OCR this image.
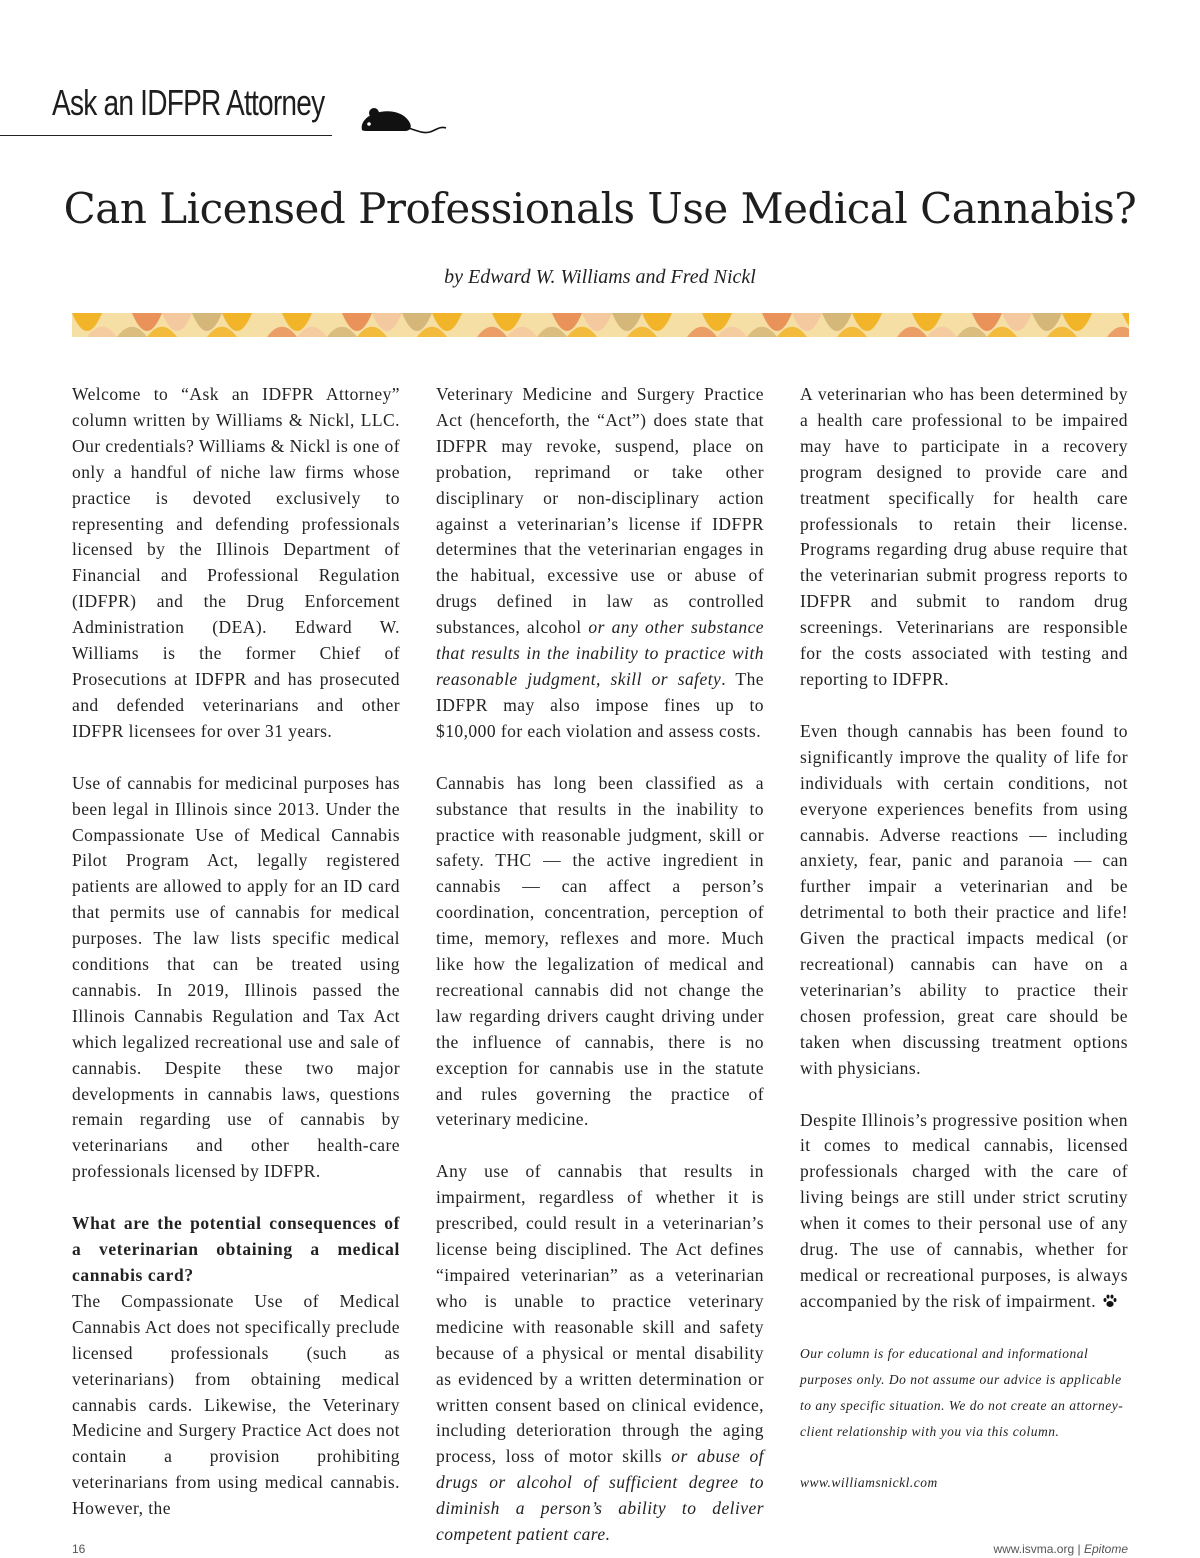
Ask an IDFPR Attorney
Can Licensed Professionals Use Medical Cannabis?

by Edward W. Williams and Fred Nickl

Welcome to “Ask an IDFPR Attorney” column written by Williams & Nickl, LLC. Our credentials? Williams & Nickl is one of only a handful of niche law firms whose practice is devoted exclusively to representing and defending professionals licensed by the Illinois Department of Financial and Professional Regulation (IDFPR) and the Drug Enforcement Administration (DEA). Edward W. Williams is the former Chief of Prosecutions at IDFPR and has prosecuted and defended veterinarians and other IDFPR licensees for over 31 years.

Use of cannabis for medicinal purposes has been legal in Illinois since 2013. Under the Compassionate Use of Medical Cannabis Pilot Program Act, legally registered patients are allowed to apply for an ID card that permits use of cannabis for medical purposes. The law lists specific medical conditions that can be treated using cannabis. In 2019, Illinois passed the Illinois Cannabis Regulation and Tax Act which legalized recreational use and sale of cannabis. Despite these two major developments in cannabis laws, questions remain regarding use of cannabis by veterinarians and other health-care professionals licensed by IDFPR.

What are the potential consequences of a veterinarian obtaining a medical cannabis card?

The Compassionate Use of Medical Cannabis Act does not specifically preclude licensed professionals (such as veterinarians) from obtaining medical cannabis cards. Likewise, the Veterinary Medicine and Surgery Practice Act does not contain a provision prohibiting veterinarians from using medical cannabis. However, the

Veterinary Medicine and Surgery Practice Act (henceforth, the “Act”) does state that IDFPR may revoke, suspend, place on probation, reprimand or take other disciplinary or non-disciplinary action against a veterinarian’s license if IDFPR determines that the veterinarian engages in the habitual, excessive use or abuse of drugs defined in law as controlled substances, alcohol or any other substance that results in the inability to practice with reasonable judgment, skill or safety. The IDFPR may also impose fines up to $10,000 for each violation and assess costs.

Cannabis has long been classified as a substance that results in the inability to practice with reasonable judgment, skill or safety. THC — the active ingredient in cannabis — can affect a person’s coordination, concentration, perception of time, memory, reflexes and more. Much like how the legalization of medical and recreational cannabis did not change the law regarding drivers caught driving under the influence of cannabis, there is no exception for cannabis use in the statute and rules governing the practice of veterinary medicine.

Any use of cannabis that results in impairment, regardless of whether it is prescribed, could result in a veterinarian’s license being disciplined. The Act defines “impaired veterinarian” as a veterinarian who is unable to practice veterinary medicine with reasonable skill and safety because of a physical or mental disability as evidenced by a written determination or written consent based on clinical evidence, including deterioration through the aging process, loss of motor skills or abuse of drugs or alcohol of sufficient degree to diminish a person’s ability to deliver competent patient care.

A veterinarian who has been determined by a health care professional to be impaired may have to participate in a recovery program designed to provide care and treatment specifically for health care professionals to retain their license. Programs regarding drug abuse require that the veterinarian submit progress reports to IDFPR and submit to random drug screenings. Veterinarians are responsible for the costs associated with testing and reporting to IDFPR.

Even though cannabis has been found to significantly improve the quality of life for individuals with certain conditions, not everyone experiences benefits from using cannabis. Adverse reactions — including anxiety, fear, panic and paranoia — can further impair a veterinarian and be detrimental to both their practice and life! Given the practical impacts medical (or recreational) cannabis can have on a veterinarian’s ability to practice their chosen profession, great care should be taken when discussing treatment options with physicians.

Despite Illinois’s progressive position when it comes to medical cannabis, licensed professionals charged with the care of living beings are still under strict scrutiny when it comes to their personal use of any drug. The use of cannabis, whether for medical or recreational purposes, is always accompanied by the risk of impairment.

Our column is for educational and informational purposes only. Do not assume our advice is applicable to any specific situation. We do not create an attorney-client relationship with you via this column.

www.williamsnickl.com

16	www.isvma.org | Epitome
